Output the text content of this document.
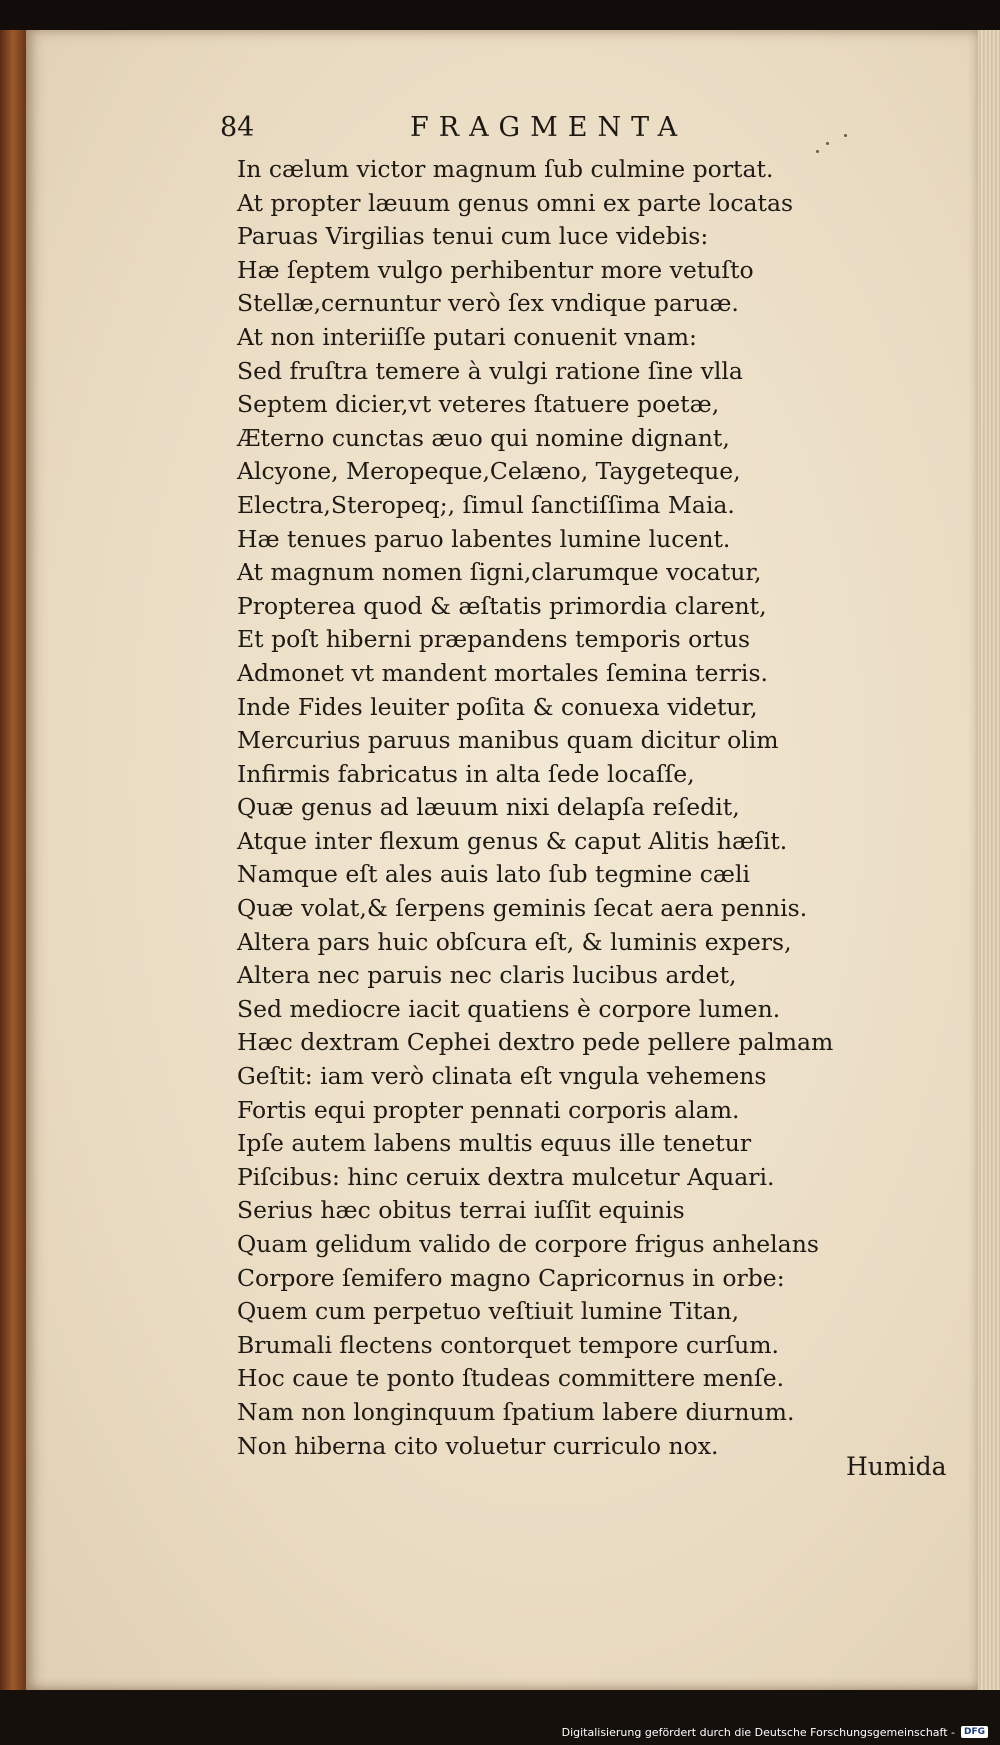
84	FRAGMENTA
In cælum victor magnum ſub culmine portat.
At propter læuum genus omni ex parte locatas
Paruas Virgilias tenui cum luce videbis:
Hæ ſeptem vulgo perhibentur more vetuſto
Stellæ,cernuntur verò ſex vndique paruæ.
At non interiiſſe putari conuenit vnam:
Sed fruſtra temere à vulgi ratione ſine vlla
Septem dicier,vt veteres ſtatuere poetæ,
Æterno cunctas æuo qui nomine dignant,
Alcyone, Meropeque,Celæno, Taygeteque,
Electra,Steropeq;, ſimul ſanctiſſima Maia.
Hæ tenues paruo labentes lumine lucent.
At magnum nomen ſigni,clarumque vocatur,
Propterea quod & æſtatis primordia clarent,
Et poſt hiberni præpandens temporis ortus
Admonet vt mandent mortales ſemina terris.
Inde Fides leuiter poſita & conuexa videtur,
Mercurius paruus manibus quam dicitur olim
Infirmis fabricatus in alta ſede locaſſe,
Quæ genus ad læuum nixi delapſa reſedit,
Atque inter flexum genus & caput Alitis hæſit.
Namque eſt ales auis lato ſub tegmine cæli
Quæ volat,& ſerpens geminis ſecat aera pennis.
Altera pars huic obſcura eſt, & luminis expers,
Altera nec paruis nec claris lucibus ardet,
Sed mediocre iacit quatiens è corpore lumen.
Hæc dextram Cephei dextro pede pellere palmam
Geſtit: iam verò clinata eſt vngula vehemens
Fortis equi propter pennati corporis alam.
Ipſe autem labens multis equus ille tenetur
Piſcibus: hinc ceruix dextra mulcetur Aquari.
Serius hæc obitus terrai iuſſit equinis
Quam gelidum valido de corpore frigus anhelans
Corpore ſemifero magno Capricornus in orbe:
Quem cum perpetuo veſtiuit lumine Titan,
Brumali flectens contorquet tempore curſum.
Hoc caue te ponto ſtudeas committere menſe.
Nam non longinquum ſpatium labere diurnum.
Non hiberna cito voluetur curriculo nox.
Humida
Digitalisierung gefördert durch die Deutsche Forschungsgemeinschaft -	DFG
